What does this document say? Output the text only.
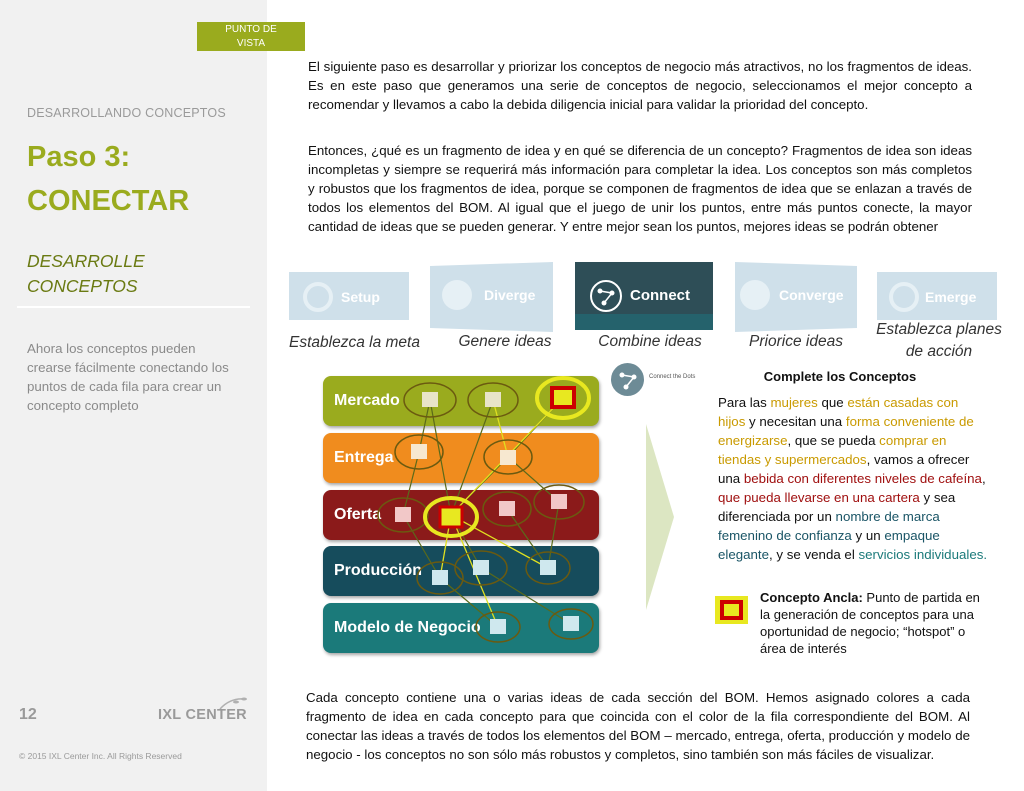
DESARROLLANDO CONCEPTOS
Paso 3:
CONECTAR
DESARROLLE
CONCEPTOS
Ahora los conceptos pueden crearse fácilmente conectando los puntos de cada fila para crear un concepto completo
12	IXL CENTER
© 2015 IXL Center Inc. All Rights Reserved
PUNTO DE
VISTA
El siguiente paso es desarrollar y priorizar los conceptos de negocio más atractivos, no los fragmentos de ideas. Es en este paso que generamos una serie de conceptos de negocio, seleccionamos el mejor concepto a recomendar y llevamos a cabo la debida diligencia inicial para validar la prioridad del concepto.
Entonces, ¿qué es un fragmento de idea y en qué se diferencia de un concepto? Fragmentos de idea son ideas incompletas y siempre se requerirá más información para completar la idea. Los conceptos son más completos y robustos que los fragmentos de idea, porque se componen de fragmentos de idea que se enlazan a través de todos los elementos del BOM. Al igual que el juego de unir los puntos, entre más puntos conecte, la mayor cantidad de ideas que se pueden generar. Y entre mejor sean los puntos, mejores ideas se podrán obtener
Setup
Establezca la meta
Diverge
Genere ideas
Connect
Combine ideas
Converge
Priorice ideas
Emerge
Establezca planes
de acción
Mercado
Entrega
Oferta
Producción
Modelo de Negocio
Connect the Dots	Complete los Conceptos
Para las mujeres que están casadas con hijos y necesitan una forma conveniente de energizarse, que se pueda comprar en tiendas y supermercados, vamos a ofrecer una bebida con diferentes niveles de cafeína, que pueda llevarse en una cartera y sea diferenciada por un nombre de marca femenino de confianza y un empaque elegante, y se venda el servicios individuales.
Concepto Ancla: Punto de partida en la generación de conceptos para una oportunidad de negocio; “hotspot” o área de interés
Cada concepto contiene una o varias ideas de cada sección del BOM. Hemos asignado colores a cada fragmento de idea en cada concepto para que coincida con el color de la fila correspondiente del BOM. Al conectar las ideas a través de todos los elementos del BOM – mercado, entrega, oferta, producción y modelo de negocio - los conceptos no son sólo más robustos y completos, sino también son más fáciles de visualizar.
